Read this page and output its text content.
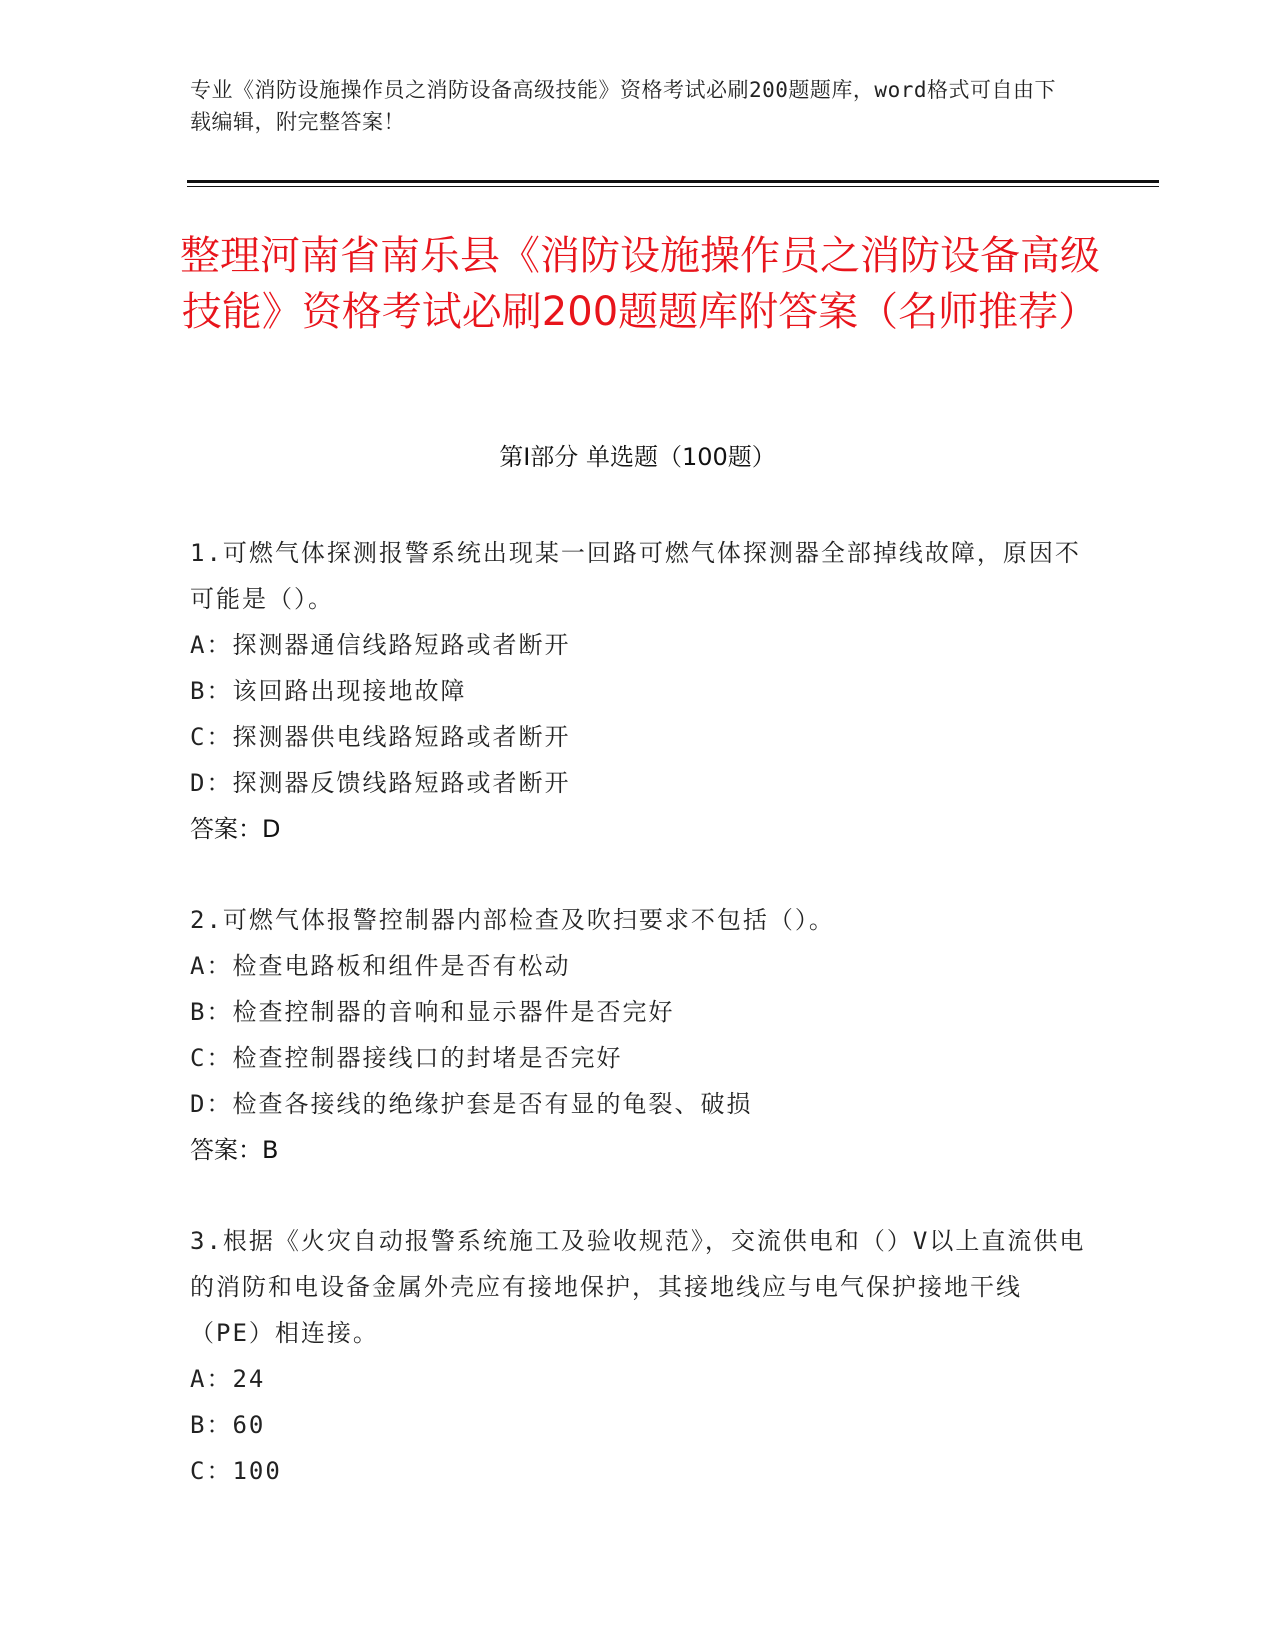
专业《消防设施操作员之消防设备高级技能》资格考试必刷200题题库，word格式可自由下载编辑，附完整答案！
整理河南省南乐县《消防设施操作员之消防设备高级技能》资格考试必刷200题题库附答案（名师推荐）
第Ⅰ部分 单选题（100题）
1.可燃气体探测报警系统出现某一回路可燃气体探测器全部掉线故障，原因不可能是（）。
A：探测器通信线路短路或者断开
B：该回路出现接地故障
C：探测器供电线路短路或者断开
D：探测器反馈线路短路或者断开
答案：D
2.可燃气体报警控制器内部检查及吹扫要求不包括（）。
A：检查电路板和组件是否有松动
B：检查控制器的音响和显示器件是否完好
C：检查控制器接线口的封堵是否完好
D：检查各接线的绝缘护套是否有显的龟裂、破损
答案：B
3.根据《火灾自动报警系统施工及验收规范》，交流供电和（）V以上直流供电的消防和电设备金属外壳应有接地保护，其接地线应与电气保护接地干线（PE）相连接。
A：24
B：60
C：100
